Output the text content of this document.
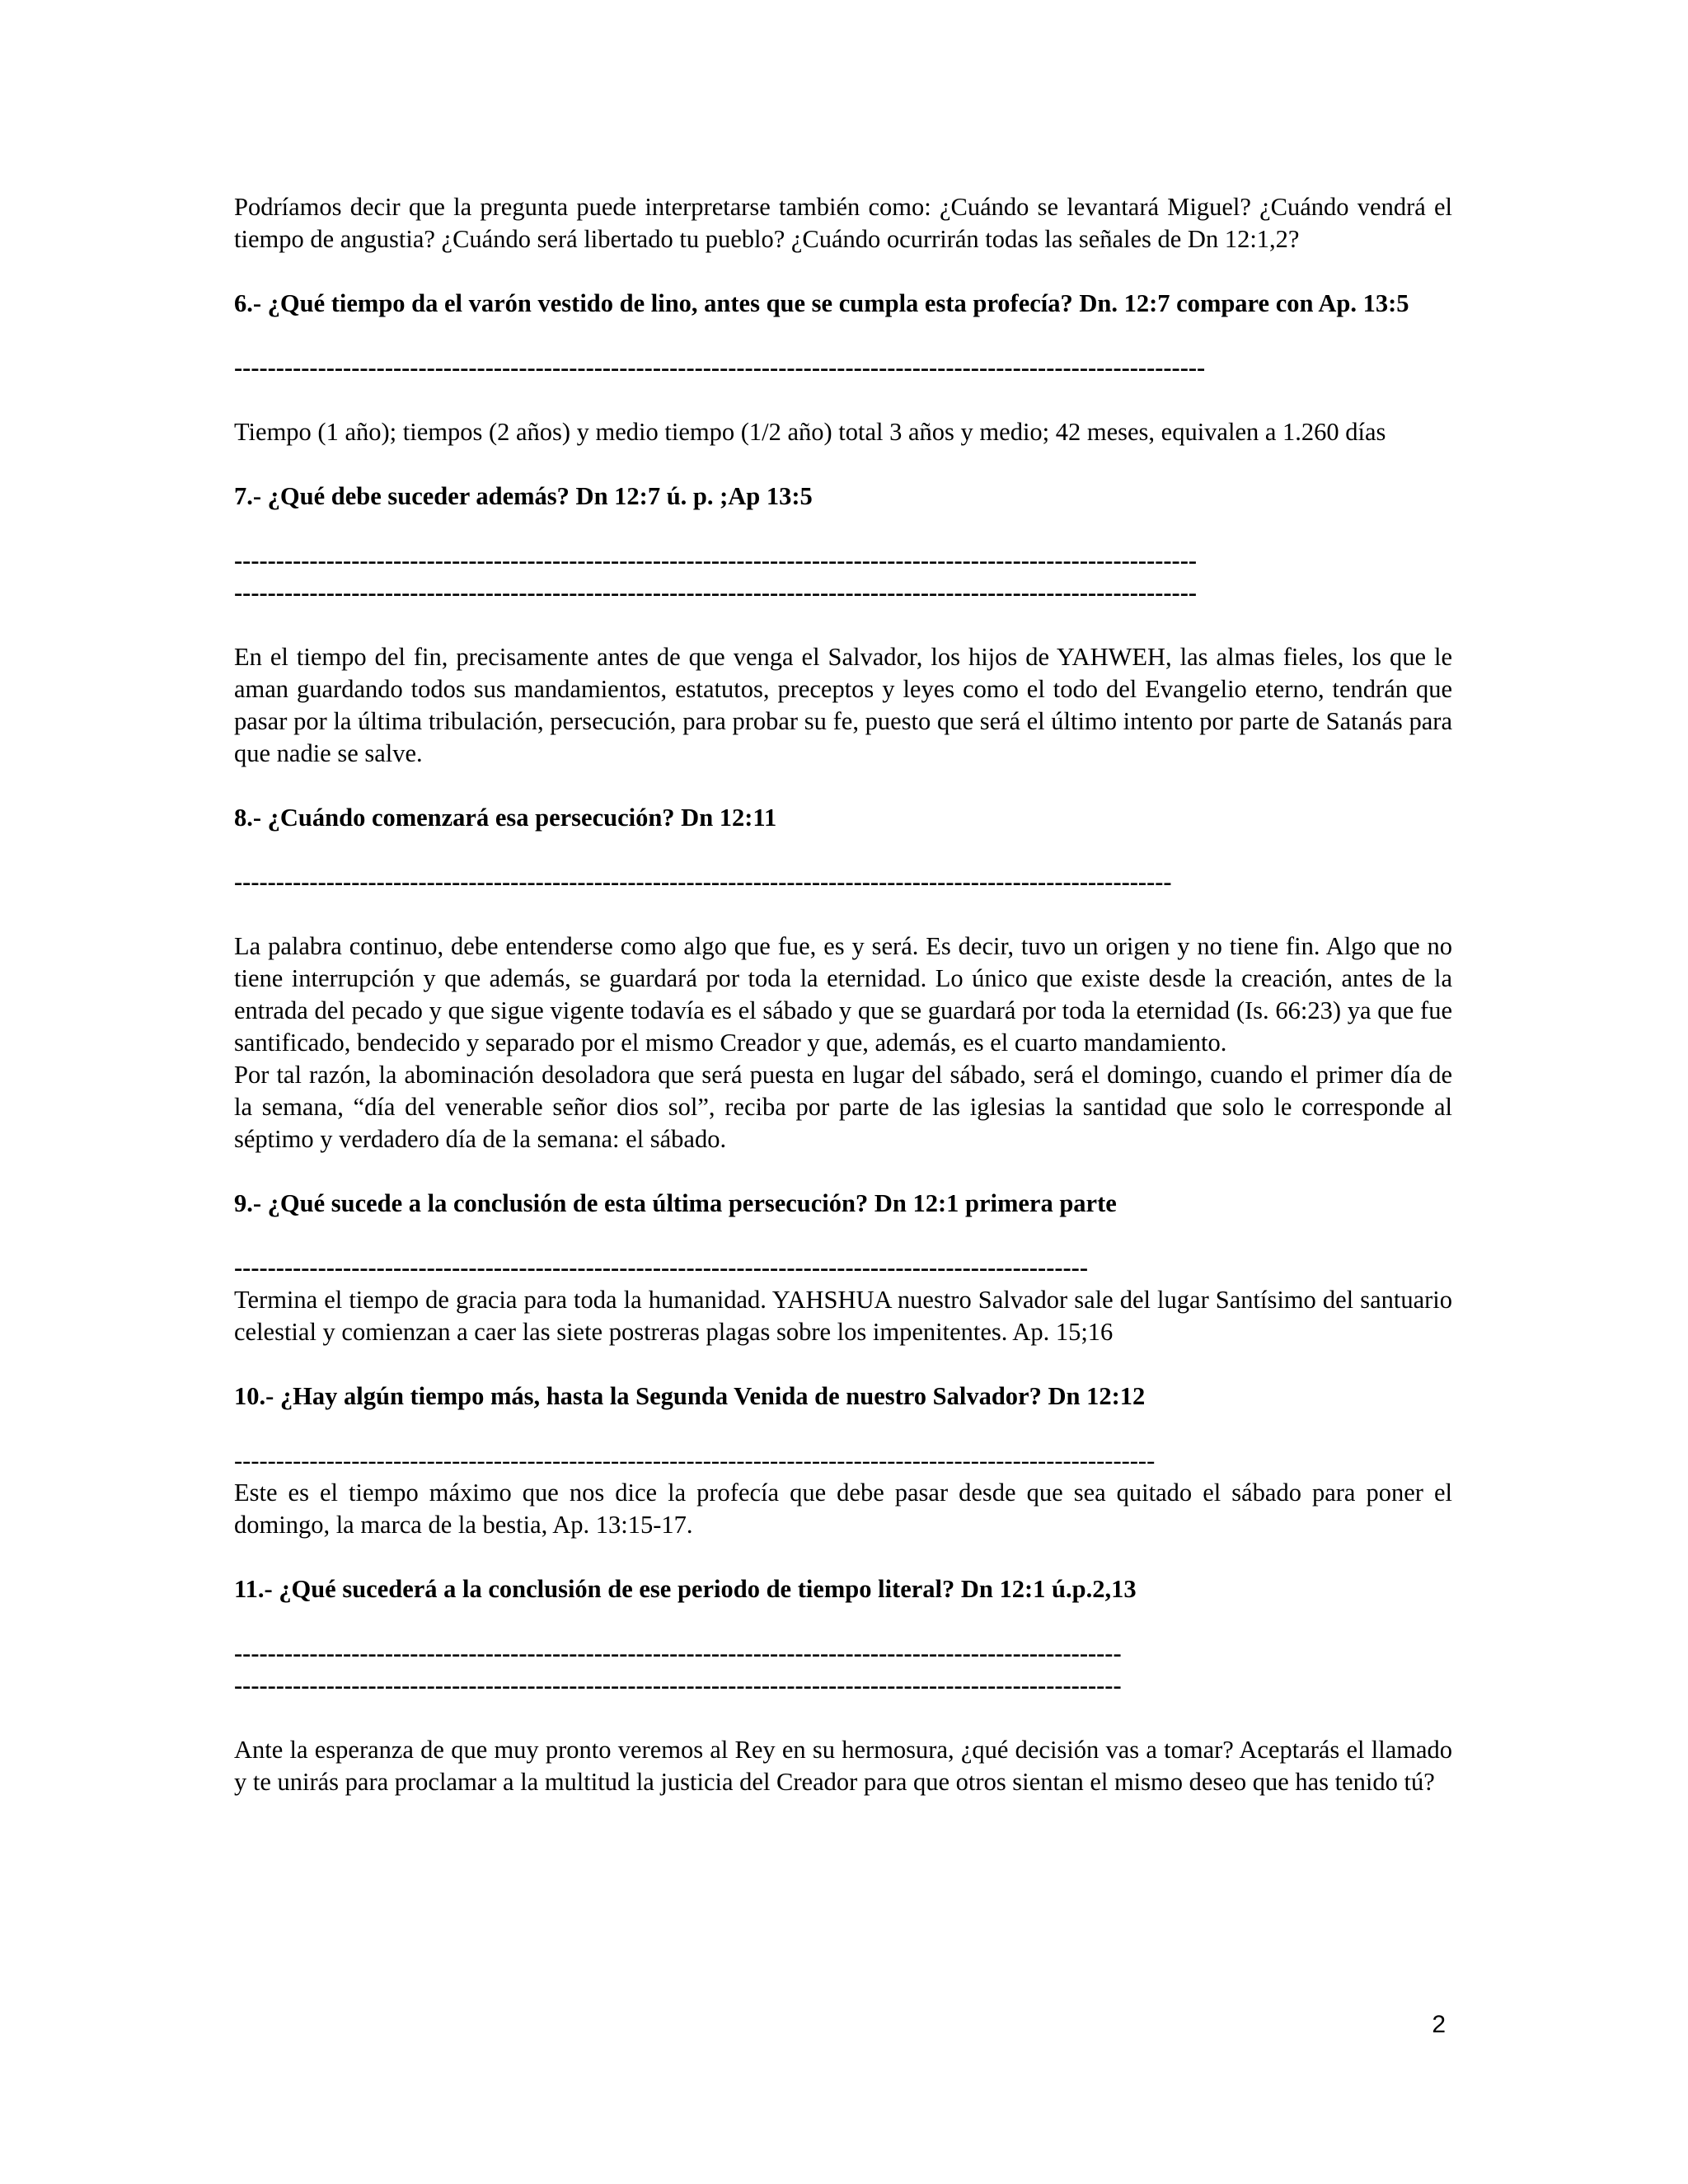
Podríamos decir que la pregunta puede interpretarse también como: ¿Cuándo se levantará Miguel? ¿Cuándo vendrá el tiempo de angustia? ¿Cuándo será libertado tu pueblo? ¿Cuándo ocurrirán todas las señales de Dn 12:1,2?

6.- ¿Qué tiempo da el varón vestido de lino, antes que se cumpla esta profecía? Dn. 12:7 compare con Ap. 13:5

--------------------------------------------------------------------------------------------------------------------

Tiempo (1 año); tiempos (2 años) y medio tiempo (1/2 año) total 3 años y medio; 42 meses, equivalen a 1.260 días

7.- ¿Qué debe suceder además? Dn 12:7 ú. p. ;Ap 13:5

-------------------------------------------------------------------------------------------------------------------

-------------------------------------------------------------------------------------------------------------------

En el tiempo del fin, precisamente antes de que venga el Salvador, los hijos de YAHWEH, las almas fieles, los que le aman guardando todos sus mandamientos, estatutos, preceptos y leyes como el todo del Evangelio eterno, tendrán que pasar por la última tribulación, persecución, para probar su fe, puesto que será el último intento por parte de Satanás para que nadie se salve.

8.- ¿Cuándo comenzará esa persecución? Dn 12:11

----------------------------------------------------------------------------------------------------------------

La palabra continuo, debe entenderse como algo que fue, es y será. Es decir, tuvo un origen y no tiene fin. Algo que no tiene interrupción y que además, se guardará por toda la eternidad. Lo único que existe desde la creación, antes de la entrada del pecado y que sigue vigente todavía es el sábado y que se guardará por toda la eternidad (Is. 66:23) ya que fue santificado, bendecido y separado por el mismo Creador y que, además, es el cuarto mandamiento.

Por tal razón, la abominación desoladora que será puesta en lugar del sábado, será el domingo, cuando el primer día de la semana, “día del venerable señor dios sol”, reciba por parte de las iglesias la santidad que solo le corresponde al séptimo y verdadero día de la semana: el sábado.

9.- ¿Qué sucede a la conclusión de esta última persecución? Dn 12:1 primera parte

------------------------------------------------------------------------------------------------------

Termina el tiempo de gracia para toda la humanidad. YAHSHUA nuestro Salvador sale del lugar Santísimo del santuario celestial y comienzan a caer las siete postreras plagas sobre los impenitentes. Ap. 15;16

10.- ¿Hay algún tiempo más, hasta la Segunda Venida de nuestro Salvador? Dn 12:12

--------------------------------------------------------------------------------------------------------------

Este es el tiempo máximo que nos dice la profecía que debe pasar desde que sea quitado el sábado para poner el domingo, la marca de la bestia, Ap. 13:15-17.

11.- ¿Qué sucederá a la conclusión de ese periodo de tiempo literal? Dn 12:1 ú.p.2,13

----------------------------------------------------------------------------------------------------------

----------------------------------------------------------------------------------------------------------

Ante la esperanza de que muy pronto veremos al Rey en su hermosura, ¿qué decisión vas a tomar? Aceptarás el llamado y te unirás para proclamar a la multitud la justicia del Creador para que otros sientan el mismo deseo que has tenido tú?

2
